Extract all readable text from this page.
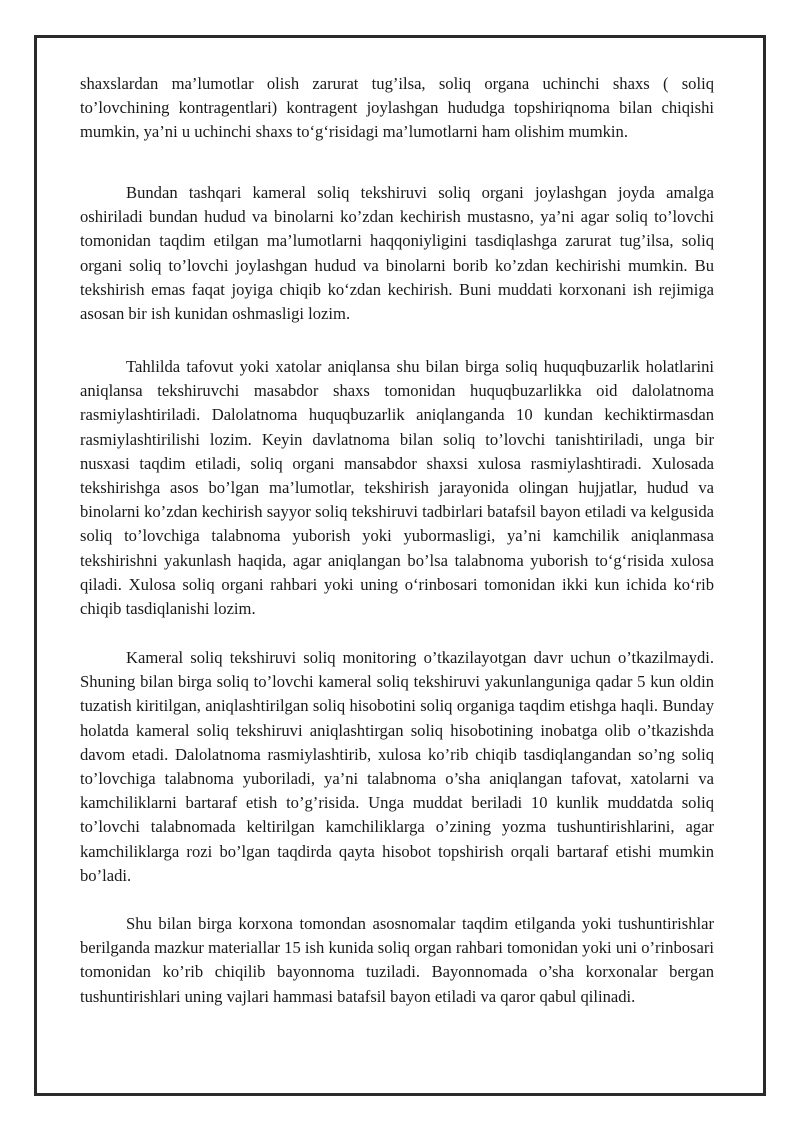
shaxslardan ma’lumotlar olish zarurat tug’ilsa, soliq organa uchinchi shaxs ( soliq to’lovchining kontragentlari) kontragent joylashgan hududga topshiriqnoma bilan chiqishi mumkin, ya’ni u uchinchi shaxs to‘g‘risidagi ma’lumotlarni ham olishim mumkin.

Bundan tashqari kameral soliq tekshiruvi soliq organi joylashgan joyda amalga oshiriladi bundan hudud va binolarni ko’zdan kechirish mustasno, ya’ni agar soliq to’lovchi tomonidan taqdim etilgan ma’lumotlarni haqqoniyligini tasdiqlashga zarurat tug’ilsa, soliq organi soliq to’lovchi joylashgan hudud va binolarni borib ko’zdan kechirishi mumkin. Bu tekshirish emas faqat joyiga chiqib ko‘zdan kechirish. Buni muddati korxonani ish rejimiga asosan bir ish kunidan oshmasligi lozim.

Tahlilda tafovut yoki xatolar aniqlansa shu bilan birga soliq huquqbuzarlik holatlarini aniqlansa tekshiruvchi masabdor shaxs tomonidan huquqbuzarlikka oid dalolatnoma rasmiylashtiriladi. Dalolatnoma huquqbuzarlik aniqlanganda 10 kundan kechiktirmasdan rasmiylashtirilishi lozim. Keyin davlatnoma bilan soliq to’lovchi tanishtiriladi, unga bir nusxasi taqdim etiladi, soliq organi mansabdor shaxsi xulosa rasmiylashtiradi. Xulosada tekshirishga asos bo’lgan ma’lumotlar, tekshirish jarayonida olingan hujjatlar, hudud va binolarni ko’zdan kechirish sayyor soliq tekshiruvi tadbirlari batafsil bayon etiladi va kelgusida soliq to’lovchiga talabnoma yuborish yoki yubormasligi, ya’ni kamchilik aniqlanmasa tekshirishni yakunlash haqida, agar aniqlangan bo’lsa talabnoma yuborish to‘g‘risida xulosa qiladi. Xulosa soliq organi rahbari yoki uning o‘rinbosari tomonidan ikki kun ichida ko‘rib chiqib tasdiqlanishi lozim.

Kameral soliq tekshiruvi soliq monitoring o’tkazilayotgan davr uchun o’tkazilmaydi. Shuning bilan birga soliq to’lovchi kameral soliq tekshiruvi yakunlanguniga qadar 5 kun oldin tuzatish kiritilgan, aniqlashtirilgan soliq hisobotini soliq organiga taqdim etishga haqli. Bunday holatda kameral soliq tekshiruvi aniqlashtirgan soliq hisobotining inobatga olib o’tkazishda davom etadi. Dalolatnoma rasmiylashtirib, xulosa ko’rib chiqib tasdiqlangandan so’ng soliq to’lovchiga talabnoma yuboriladi, ya’ni talabnoma o’sha aniqlangan tafovat, xatolarni va kamchiliklarni bartaraf etish to’g’risida. Unga muddat beriladi 10 kunlik muddatda soliq to’lovchi talabnomada keltirilgan kamchiliklarga o’zining yozma tushuntirishlarini, agar kamchiliklarga rozi bo’lgan taqdirda qayta hisobot topshirish orqali bartaraf etishi mumkin bo’ladi.

Shu bilan birga korxona tomondan asosnomalar taqdim etilganda yoki tushuntirishlar berilganda mazkur materiallar 15 ish kunida soliq organ rahbari tomonidan yoki uni o’rinbosari tomonidan ko’rib chiqilib bayonnoma tuziladi. Bayonnomada o’sha korxonalar bergan tushuntirishlari uning vajlari hammasi batafsil bayon etiladi va qaror qabul qilinadi.
